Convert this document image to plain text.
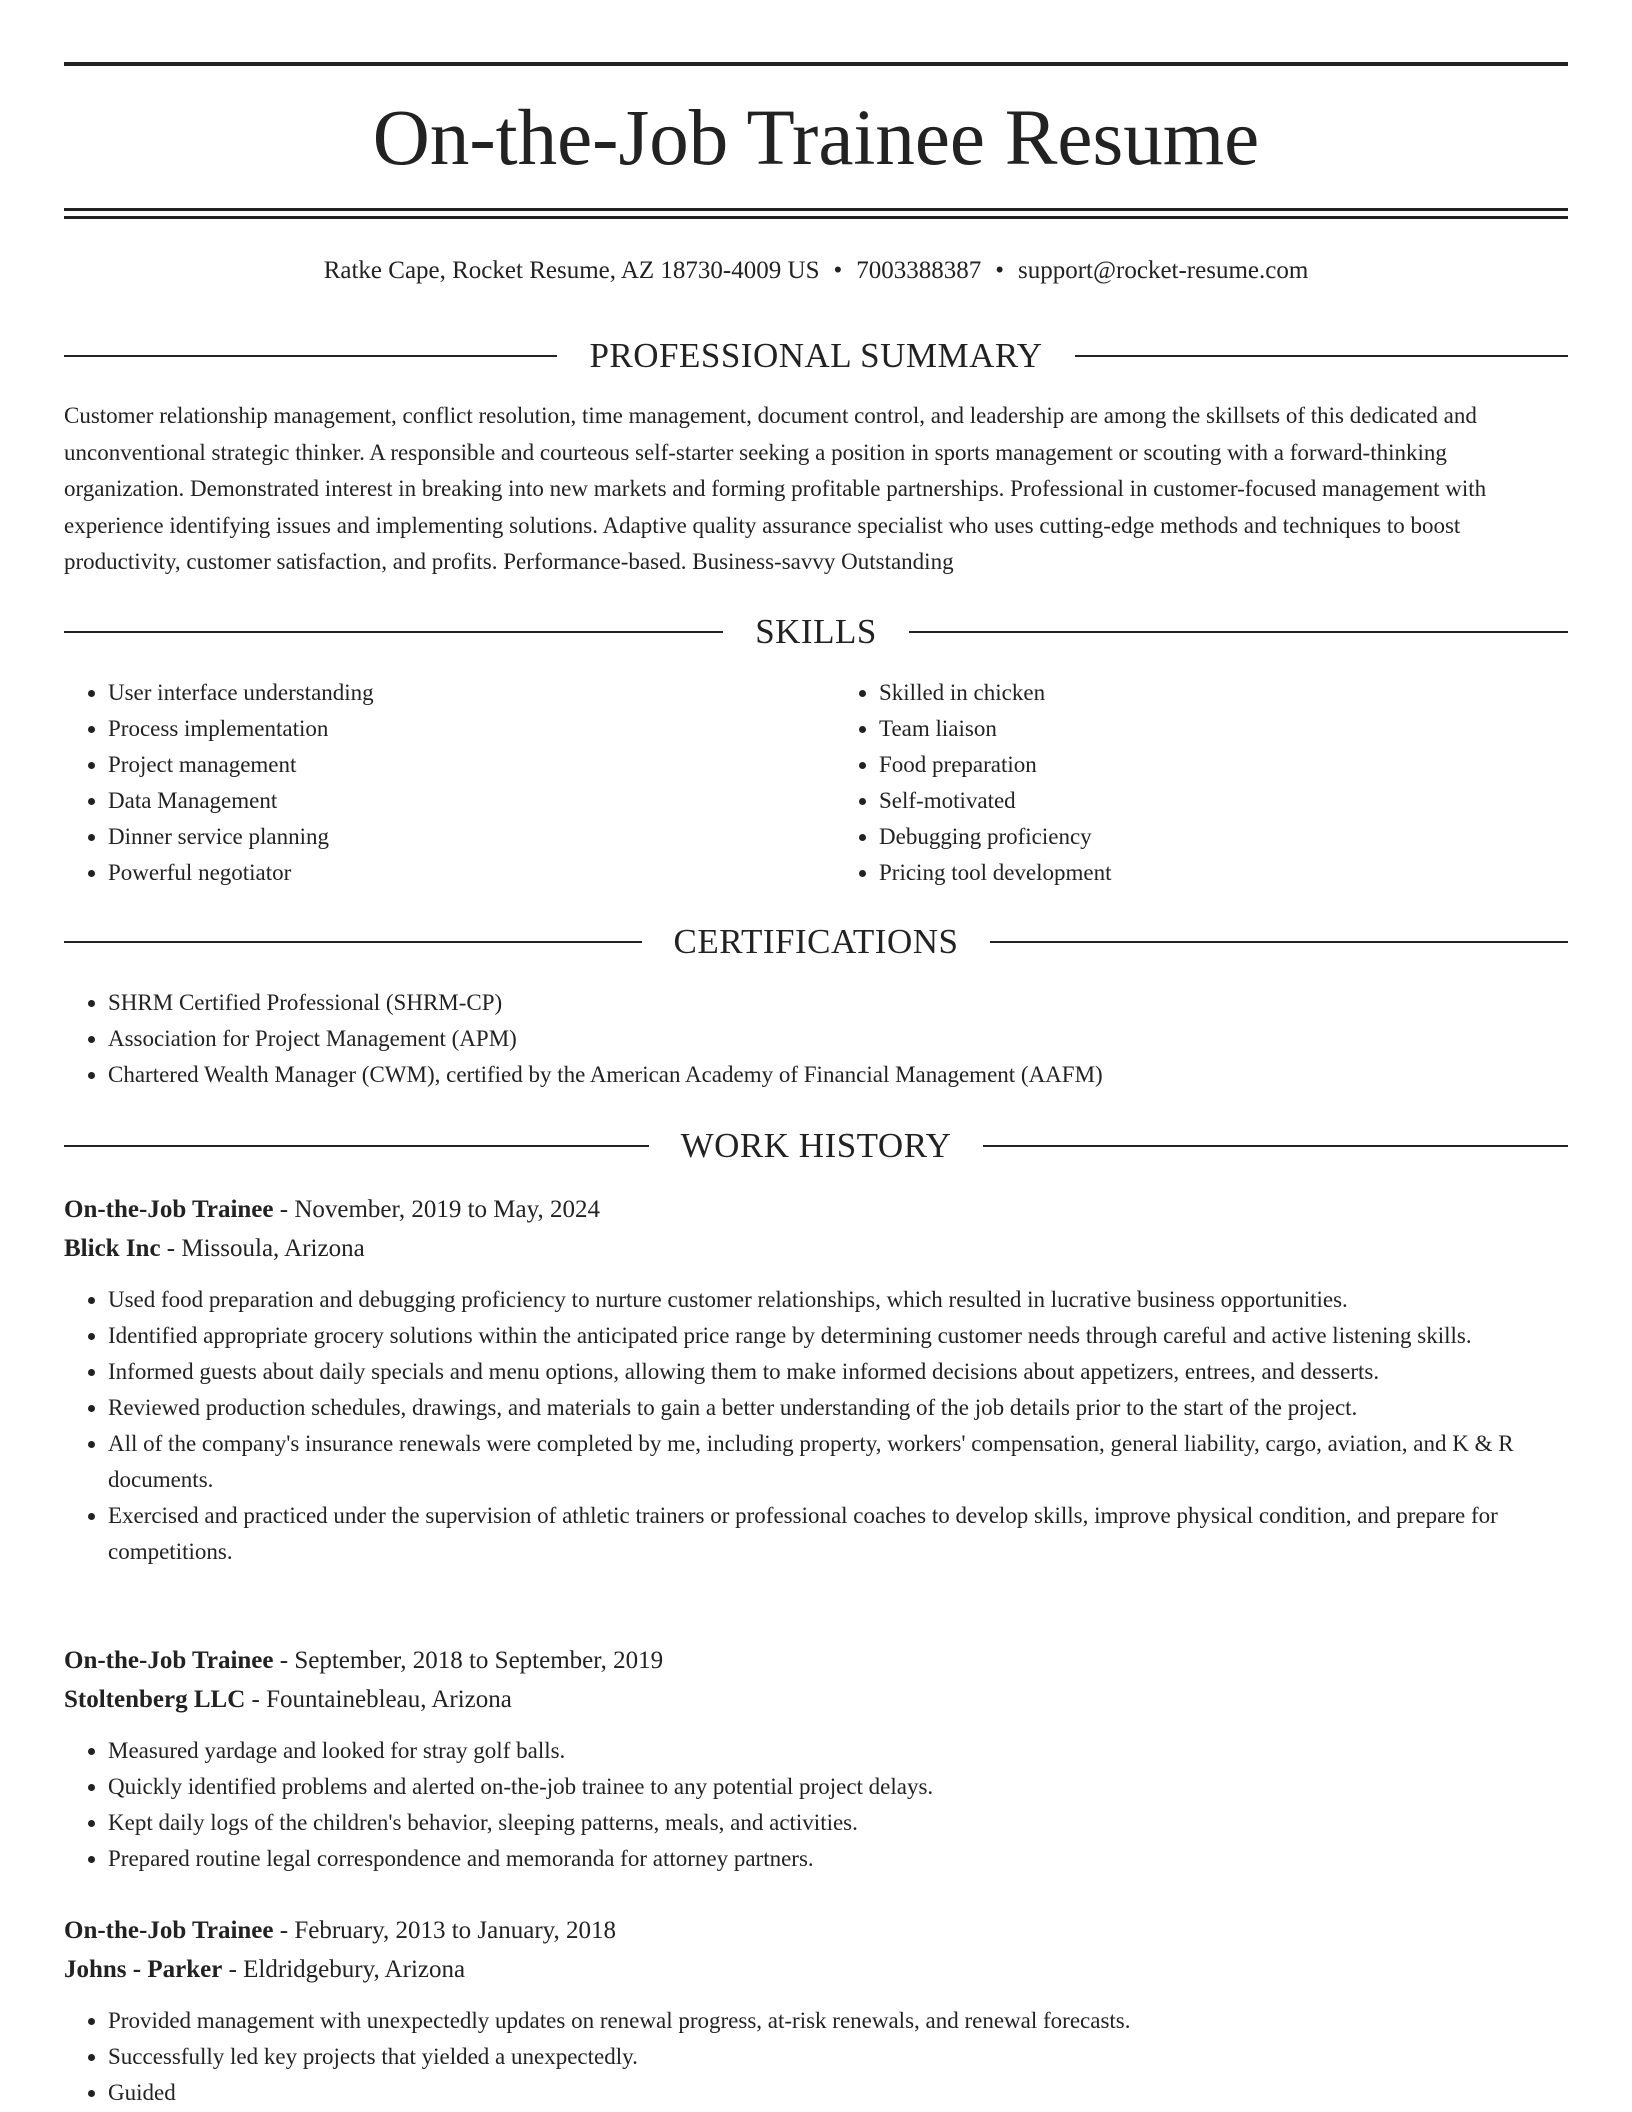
On-the-Job Trainee Resume
Ratke Cape, Rocket Resume, AZ 18730-4009 US • 7003388387 • support@rocket-resume.com
PROFESSIONAL SUMMARY

Customer relationship management, conflict resolution, time management, document control, and leadership are among the skillsets of this dedicated and unconventional strategic thinker. A responsible and courteous self-starter seeking a position in sports management or scouting with a forward-thinking organization. Demonstrated interest in breaking into new markets and forming profitable partnerships. Professional in customer-focused management with experience identifying issues and implementing solutions. Adaptive quality assurance specialist who uses cutting-edge methods and techniques to boost productivity, customer satisfaction, and profits. Performance-based. Business-savvy Outstanding

SKILLS
• User interface understanding
• Process implementation
• Project management
• Data Management
• Dinner service planning
• Powerful negotiator
• Skilled in chicken
• Team liaison
• Food preparation
• Self-motivated
• Debugging proficiency
• Pricing tool development
CERTIFICATIONS
• SHRM Certified Professional (SHRM-CP)
• Association for Project Management (APM)
• Chartered Wealth Manager (CWM), certified by the American Academy of Financial Management (AAFM)
WORK HISTORY
On-the-Job Trainee - November, 2019 to May, 2024
Blick Inc - Missoula, Arizona
• Used food preparation and debugging proficiency to nurture customer relationships, which resulted in lucrative business opportunities.
• Identified appropriate grocery solutions within the anticipated price range by determining customer needs through careful and active listening skills.
• Informed guests about daily specials and menu options, allowing them to make informed decisions about appetizers, entrees, and desserts.
• Reviewed production schedules, drawings, and materials to gain a better understanding of the job details prior to the start of the project.
• All of the company's insurance renewals were completed by me, including property, workers' compensation, general liability, cargo, aviation, and K & R documents.
• Exercised and practiced under the supervision of athletic trainers or professional coaches to develop skills, improve physical condition, and prepare for competitions.
On-the-Job Trainee - September, 2018 to September, 2019
Stoltenberg LLC - Fountainebleau, Arizona
• Measured yardage and looked for stray golf balls.
• Quickly identified problems and alerted on-the-job trainee to any potential project delays.
• Kept daily logs of the children's behavior, sleeping patterns, meals, and activities.
• Prepared routine legal correspondence and memoranda for attorney partners.
On-the-Job Trainee - February, 2013 to January, 2018
Johns - Parker - Eldridgebury, Arizona
• Provided management with unexpectedly updates on renewal progress, at-risk renewals, and renewal forecasts.
• Successfully led key projects that yielded a unexpectedly.
• Guided
